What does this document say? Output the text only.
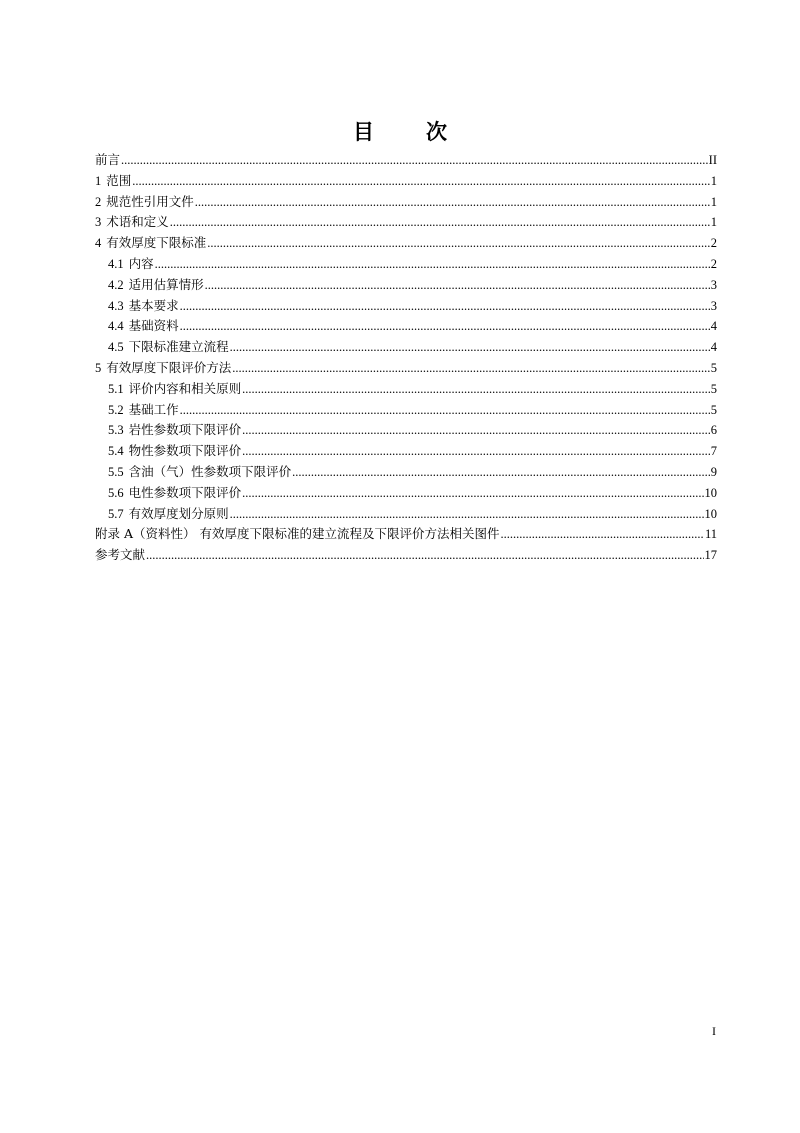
目 次
前言 .....	II
1 范围 .....	1
2 规范性引用文件 .....	1
3 术语和定义 .....	1
4 有效厚度下限标准 .....	2
4.1 内容 .....	2
4.2 适用估算情形 .....	3
4.3 基本要求 .....	3
4.4 基础资料 .....	4
4.5 下限标准建立流程 .....	4
5 有效厚度下限评价方法 .....	5
5.1 评价内容和相关原则 .....	5
5.2 基础工作 .....	5
5.3 岩性参数项下限评价 .....	6
5.4 物性参数项下限评价 .....	7
5.5 含油（气）性参数项下限评价 .....	9
5.6 电性参数项下限评价 .....	10
5.7 有效厚度划分原则 .....	10
附录 A（资料性） 有效厚度下限标准的建立流程及下限评价方法相关图件 .....	11
参考文献 .....	17
I
